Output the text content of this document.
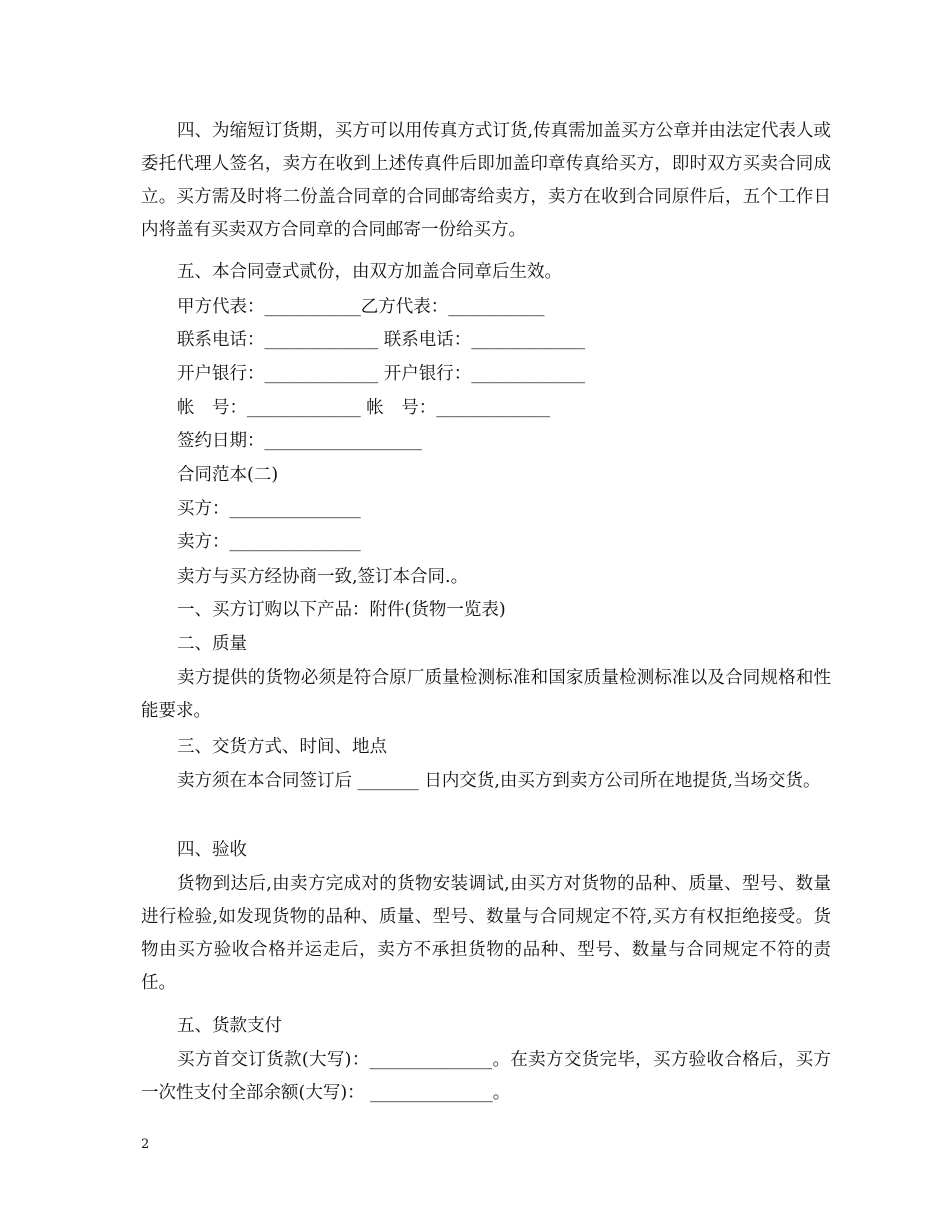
四、为缩短订货期，买方可以用传真方式订货,传真需加盖买方公章并由法定代表人或委托代理人签名，卖方在收到上述传真件后即加盖印章传真给买方，即时双方买卖合同成立。买方需及时将二份盖合同章的合同邮寄给卖方，卖方在收到合同原件后，五个工作日内将盖有买卖双方合同章的合同邮寄一份给买方。

五、本合同壹式贰份，由双方加盖合同章后生效。

甲方代表：___________乙方代表：___________

联系电话：_____________ 联系电话：_____________

开户银行：_____________ 开户银行：_____________

帐　号：_____________ 帐　号：_____________

签约日期：__________________

合同范本(二)

买方：_______________

卖方：_______________

卖方与买方经协商一致,签订本合同.。

一、买方订购以下产品：附件(货物一览表)

二、质量

卖方提供的货物必须是符合原厂质量检测标准和国家质量检测标准以及合同规格和性能要求。

三、交货方式、时间、地点

卖方须在本合同签订后 _______ 日内交货,由买方到卖方公司所在地提货,当场交货。

四、验收

货物到达后,由卖方完成对的货物安装调试,由买方对货物的品种、质量、型号、数量进行检验,如发现货物的品种、质量、型号、数量与合同规定不符,买方有权拒绝接受。货物由买方验收合格并运走后，卖方不承担货物的品种、型号、数量与合同规定不符的责任。

五、货款支付

买方首交订货款(大写)：______________。在卖方交货完毕，买方验收合格后，买方一次性支付全部余额(大写)： ______________。

2
